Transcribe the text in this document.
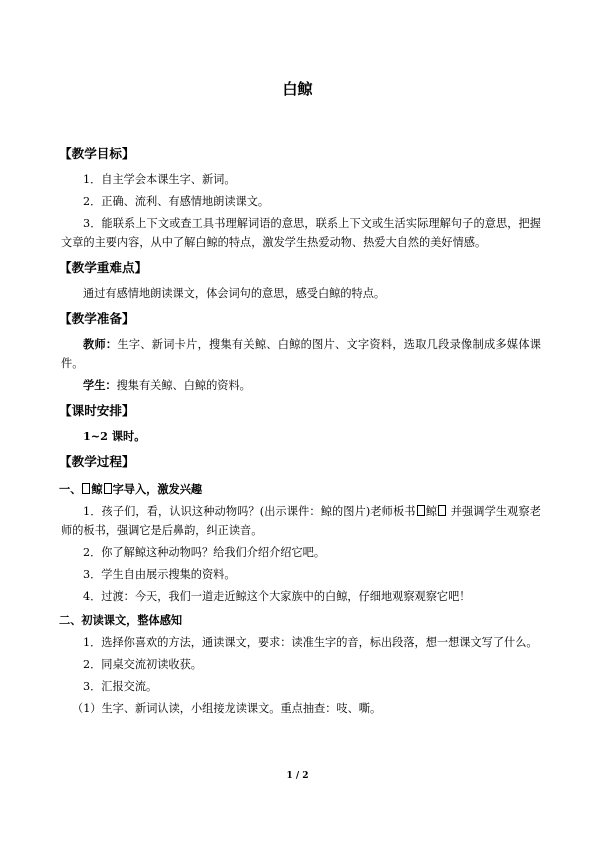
白鲸
【教学目标】
1．自主学会本课生字、新词。
2．正确、流利、有感情地朗读课文。
3．能联系上下文或查工具书理解词语的意思，联系上下文或生活实际理解句子的意思，把握文章的主要内容，从中了解白鲸的特点，激发学生热爱动物、热爱大自然的美好情感。
【教学重难点】
通过有感情地朗读课文，体会词句的意思，感受白鲸的特点。
【教学准备】
教师：生字、新词卡片，搜集有关鲸、白鲸的图片、文字资料，选取几段录像制成多媒体课件。
学生：搜集有关鲸、白鲸的资料。
【课时安排】
1~2 课时。
【教学过程】
一、 鲸 字导入，激发兴趣
1．孩子们，看，认识这种动物吗？(出示课件：鲸的图片)老师板书 鲸 并强调学生观察老师的板书，强调它是后鼻韵，纠正读音。
2．你了解鲸这种动物吗？给我们介绍介绍它吧。
3．学生自由展示搜集的资料。
4．过渡：今天，我们一道走近鲸这个大家族中的白鲸，仔细地观察观察它吧！
二、初读课文，整体感知
1．选择你喜欢的方法，通读课文，要求：读准生字的音，标出段落，想一想课文写了什么。
2．同桌交流初读收获。
3．汇报交流。
（1）生字、新词认读，小组接龙读课文。重点抽查：吱、嘶。
1 / 2
